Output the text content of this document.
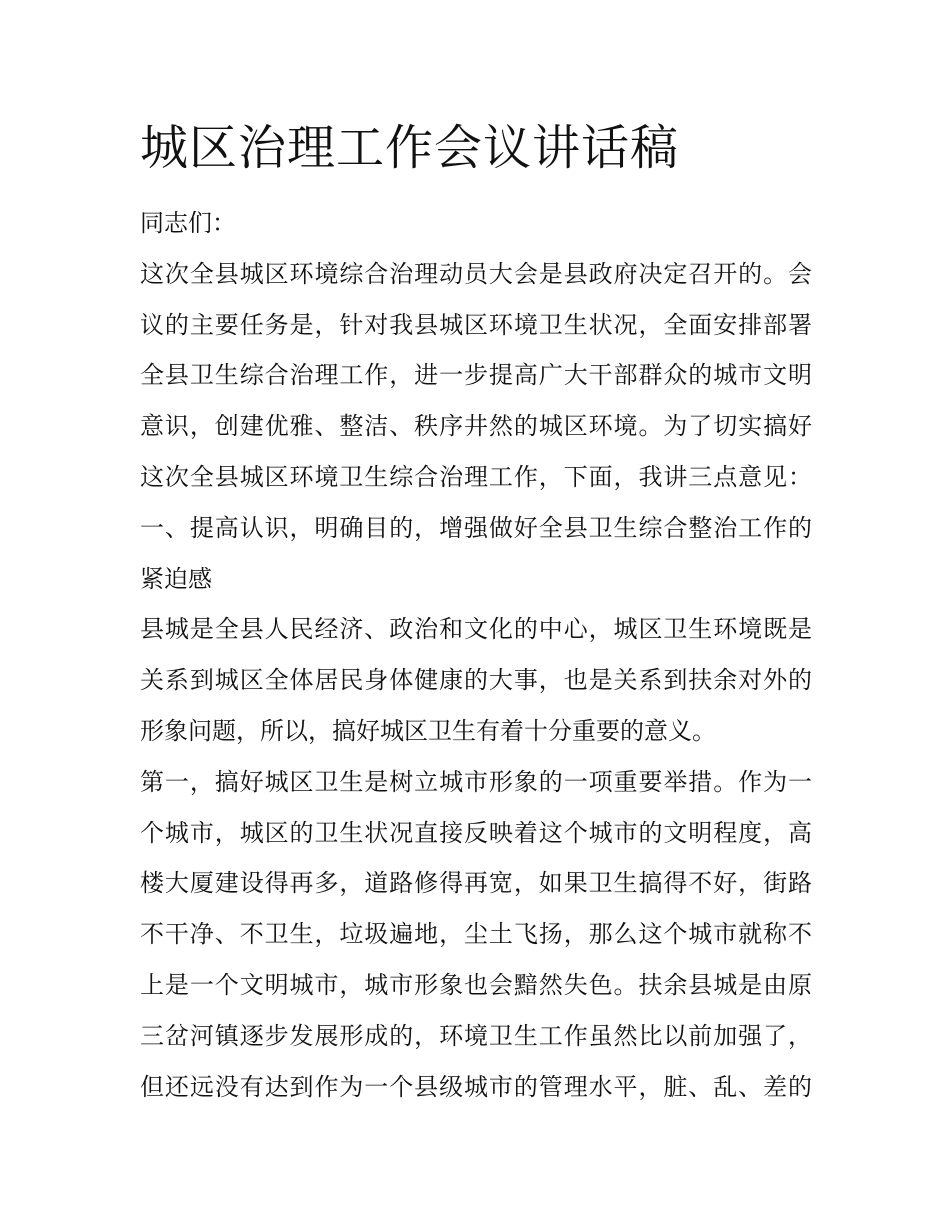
城区治理工作会议讲话稿
同志们：
这次全县城区环境综合治理动员大会是县政府决定召开的。会
议的主要任务是，针对我县城区环境卫生状况，全面安排部署
全县卫生综合治理工作，进一步提高广大干部群众的城市文明
意识，创建优雅、整洁、秩序井然的城区环境。为了切实搞好
这次全县城区环境卫生综合治理工作，下面，我讲三点意见：
一、提高认识，明确目的，增强做好全县卫生综合整治工作的
紧迫感
县城是全县人民经济、政治和文化的中心，城区卫生环境既是
关系到城区全体居民身体健康的大事，也是关系到扶余对外的
形象问题，所以，搞好城区卫生有着十分重要的意义。
第一，搞好城区卫生是树立城市形象的一项重要举措。作为一
个城市，城区的卫生状况直接反映着这个城市的文明程度，高
楼大厦建设得再多，道路修得再宽，如果卫生搞得不好，街路
不干净、不卫生，垃圾遍地，尘土飞扬，那么这个城市就称不
上是一个文明城市，城市形象也会黯然失色。扶余县城是由原
三岔河镇逐步发展形成的，环境卫生工作虽然比以前加强了，
但还远没有达到作为一个县级城市的管理水平，脏、乱、差的
